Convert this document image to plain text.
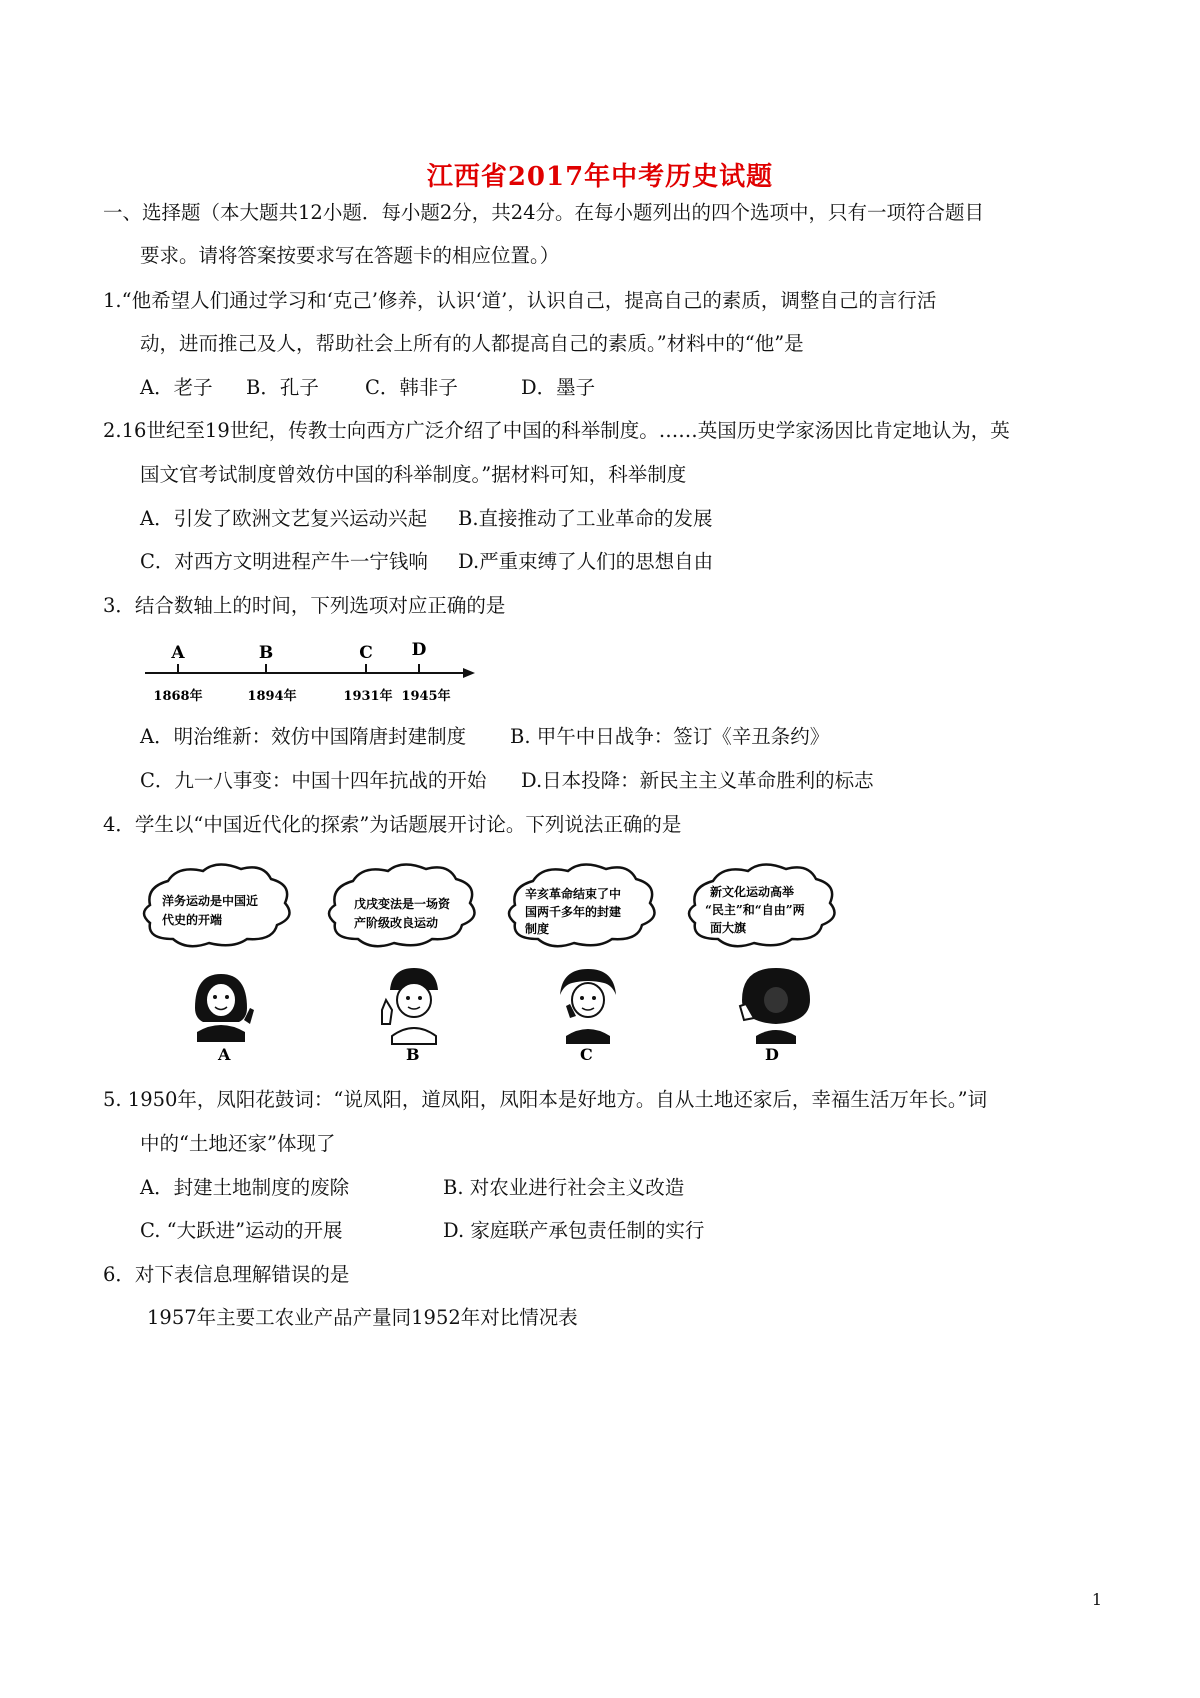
江西省2017年中考历史试题
一、选择题（本大题共12小题．每小题2分，共24分。在每小题列出的四个选项中，只有一项符合题目
要求。请将答案按要求写在答题卡的相应位置。）
1.“他希望人们通过学习和‘克己’修养，认识‘道’，认识自己，提高自己的素质，调整自己的言行活
动，进而推己及人，帮助社会上所有的人都提高自己的素质。”材料中的“他”是
A．老子 B．孔子 C．韩非子	D．墨子
2.16世纪至19世纪，传教士向西方广泛介绍了中国的科举制度。……英国历史学家汤因比肯定地认为，英
国文官考试制度曾效仿中国的科举制度。”据材料可知，科举制度
A．引发了欧洲文艺复兴运动兴起 B.直接推动了工业革命的发展
C．对西方文明进程产牛一宁钱响 D.严重束缚了人们的思想自由
3．结合数轴上的时间，下列选项对应正确的是
A
1868年
B
1894年
C
1931年
D
1945年
A．明治维新：效仿中国隋唐封建制度 B. 甲午中日战争：签订《辛丑条约》
C．九一八事变：中国十四年抗战的开始 D.日本投降：新民主主义革命胜利的标志
4．学生以“中国近代化的探索”为话题展开讨论。下列说法正确的是
洋务运动是中国近
代史的开端
A
戊戌变法是一场资
产阶级改良运动
B
辛亥革命结束了中
国两千多年的封建
制度
C
新文化运动高举
“民主”和“自由”两
面大旗
D
5. 1950年，凤阳花鼓词：“说凤阳，道凤阳，凤阳本是好地方。自从土地还家后，幸福生活万年长。”词
中的“土地还家”体现了
A．封建土地制度的废除	B. 对农业进行社会主义改造
C. “大跃进”运动的开展	D. 家庭联产承包责任制的实行
6．对下表信息理解错误的是
1957年主要工农业产品产量同1952年对比情况表
1
